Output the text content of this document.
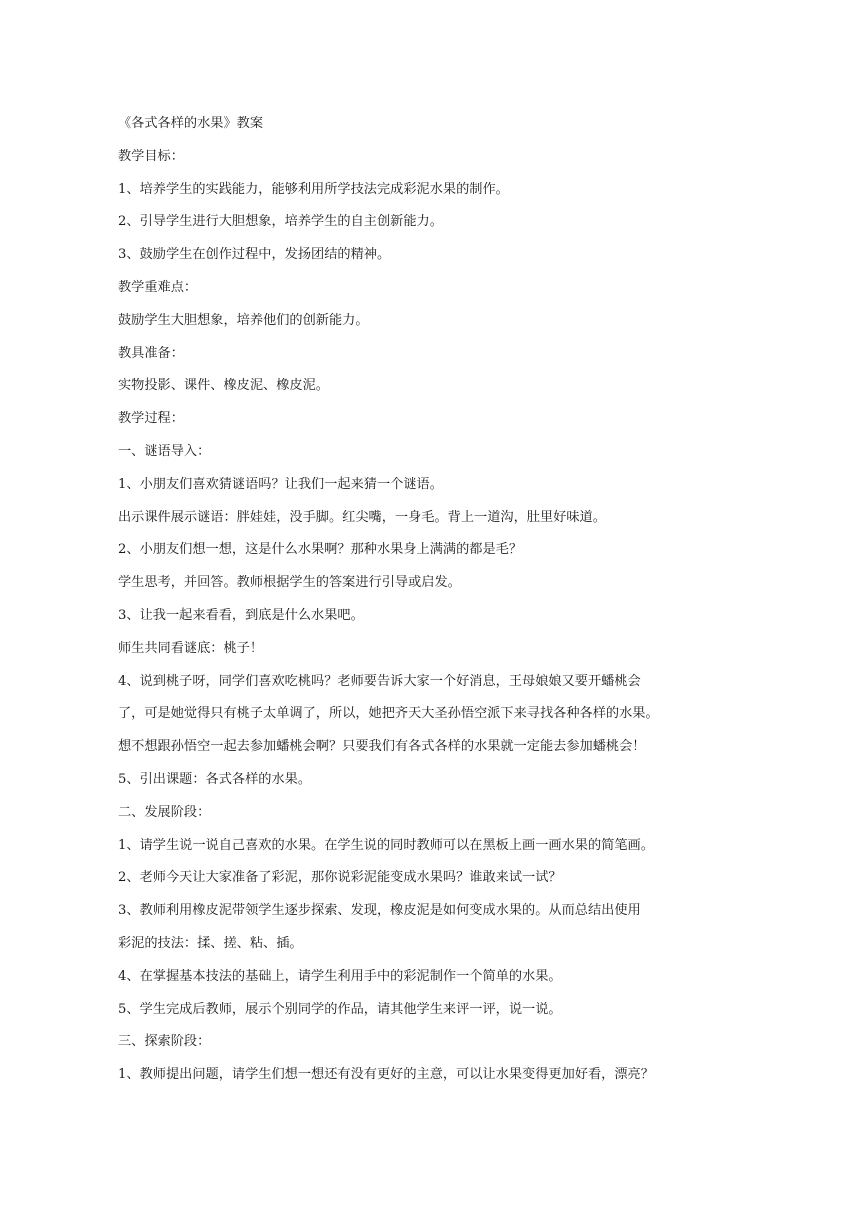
《各式各样的水果》教案

教学目标：

1、培养学生的实践能力，能够利用所学技法完成彩泥水果的制作。

2、引导学生进行大胆想象，培养学生的自主创新能力。

3、鼓励学生在创作过程中，发扬团结的精神。

教学重难点：

鼓励学生大胆想象，培养他们的创新能力。

教具准备：

实物投影、课件、橡皮泥、橡皮泥。

教学过程：

一、谜语导入：

1、小朋友们喜欢猜谜语吗？让我们一起来猜一个谜语。

出示课件展示谜语：胖娃娃，没手脚。红尖嘴，一身毛。背上一道沟，肚里好味道。

2、小朋友们想一想，这是什么水果啊？那种水果身上满满的都是毛？

学生思考，并回答。教师根据学生的答案进行引导或启发。

3、让我一起来看看，到底是什么水果吧。

师生共同看谜底：桃子！

4、说到桃子呀，同学们喜欢吃桃吗？老师要告诉大家一个好消息，王母娘娘又要开蟠桃会

了，可是她觉得只有桃子太单调了，所以，她把齐天大圣孙悟空派下来寻找各种各样的水果。

想不想跟孙悟空一起去参加蟠桃会啊？只要我们有各式各样的水果就一定能去参加蟠桃会！

5、引出课题：各式各样的水果。

二、发展阶段：

1、请学生说一说自己喜欢的水果。在学生说的同时教师可以在黑板上画一画水果的简笔画。

2、老师今天让大家准备了彩泥，那你说彩泥能变成水果吗？谁敢来试一试？

3、教师利用橡皮泥带领学生逐步探索、发现，橡皮泥是如何变成水果的。从而总结出使用

彩泥的技法：揉、搓、粘、插。

4、在掌握基本技法的基础上，请学生利用手中的彩泥制作一个简单的水果。

5、学生完成后教师，展示个别同学的作品，请其他学生来评一评，说一说。

三、探索阶段：

1、教师提出问题，请学生们想一想还有没有更好的主意，可以让水果变得更加好看，漂亮？
